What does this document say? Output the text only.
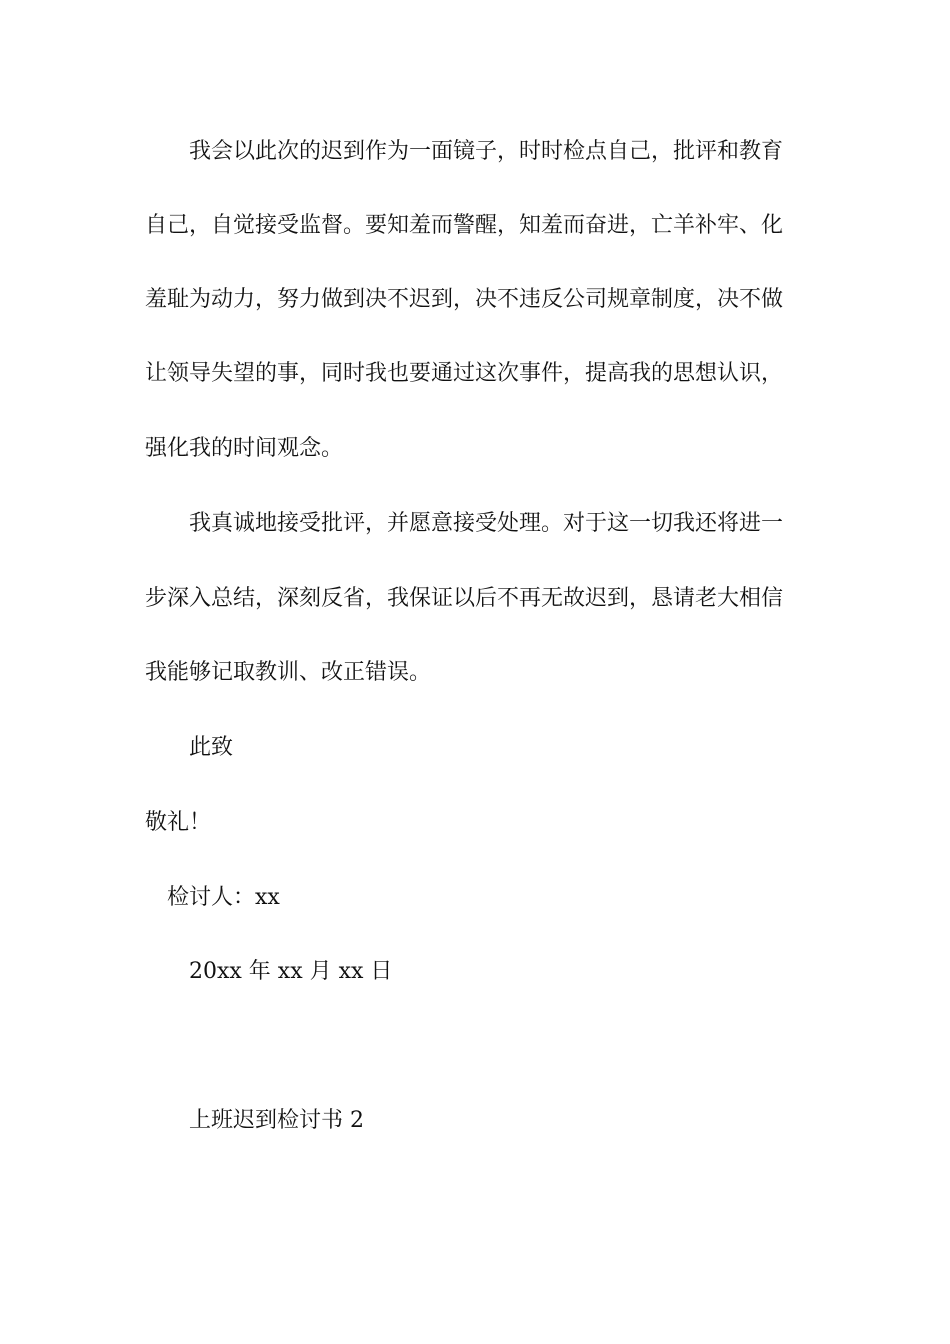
我会以此次的迟到作为一面镜子，时时检点自己，批评和教育
自己，自觉接受监督。要知羞而警醒，知羞而奋进，亡羊补牢、化
羞耻为动力，努力做到决不迟到，决不违反公司规章制度，决不做
让领导失望的事，同时我也要通过这次事件，提高我的思想认识，
强化我的时间观念。
我真诚地接受批评，并愿意接受处理。对于这一切我还将进一
步深入总结，深刻反省，我保证以后不再无故迟到，恳请老大相信
我能够记取教训、改正错误。
此致
敬礼！
检讨人：xx
20xx 年 xx 月 xx 日
上班迟到检讨书 2
